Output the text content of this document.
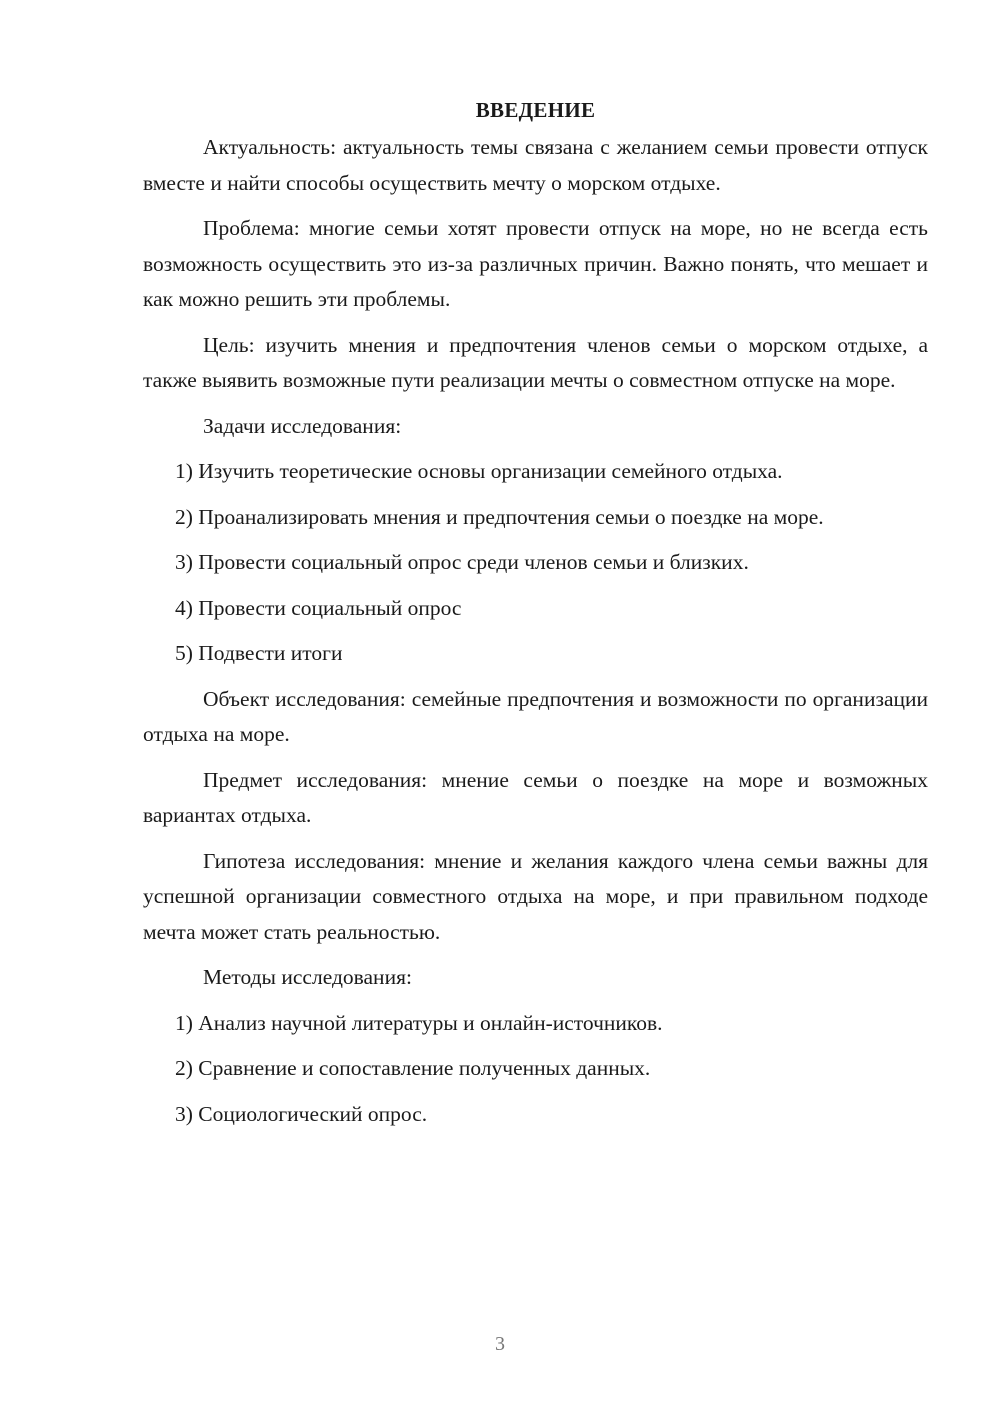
ВВЕДЕНИЕ

Актуальность: актуальность темы связана с желанием семьи провести отпуск вместе и найти способы осуществить мечту о морском отдыхе.

Проблема: многие семьи хотят провести отпуск на море, но не всегда есть возможность осуществить это из-за различных причин. Важно понять, что мешает и как можно решить эти проблемы.

Цель: изучить мнения и предпочтения членов семьи о морском отдыхе, а также выявить возможные пути реализации мечты о совместном отпуске на море.

Задачи исследования:

1) Изучить теоретические основы организации семейного отдыха.

2) Проанализировать мнения и предпочтения семьи о поездке на море.

3) Провести социальный опрос среди членов семьи и близких.

4) Провести социальный опрос

5) Подвести итоги

Объект исследования: семейные предпочтения и возможности по организации отдыха на море.

Предмет исследования: мнение семьи о поездке на море и возможных вариантах отдыха.

Гипотеза исследования: мнение и желания каждого члена семьи важны для успешной организации совместного отдыха на море, и при правильном подходе мечта может стать реальностью.

Методы исследования:

1) Анализ научной литературы и онлайн-источников.

2) Сравнение и сопоставление полученных данных.

3) Социологический опрос.

3
